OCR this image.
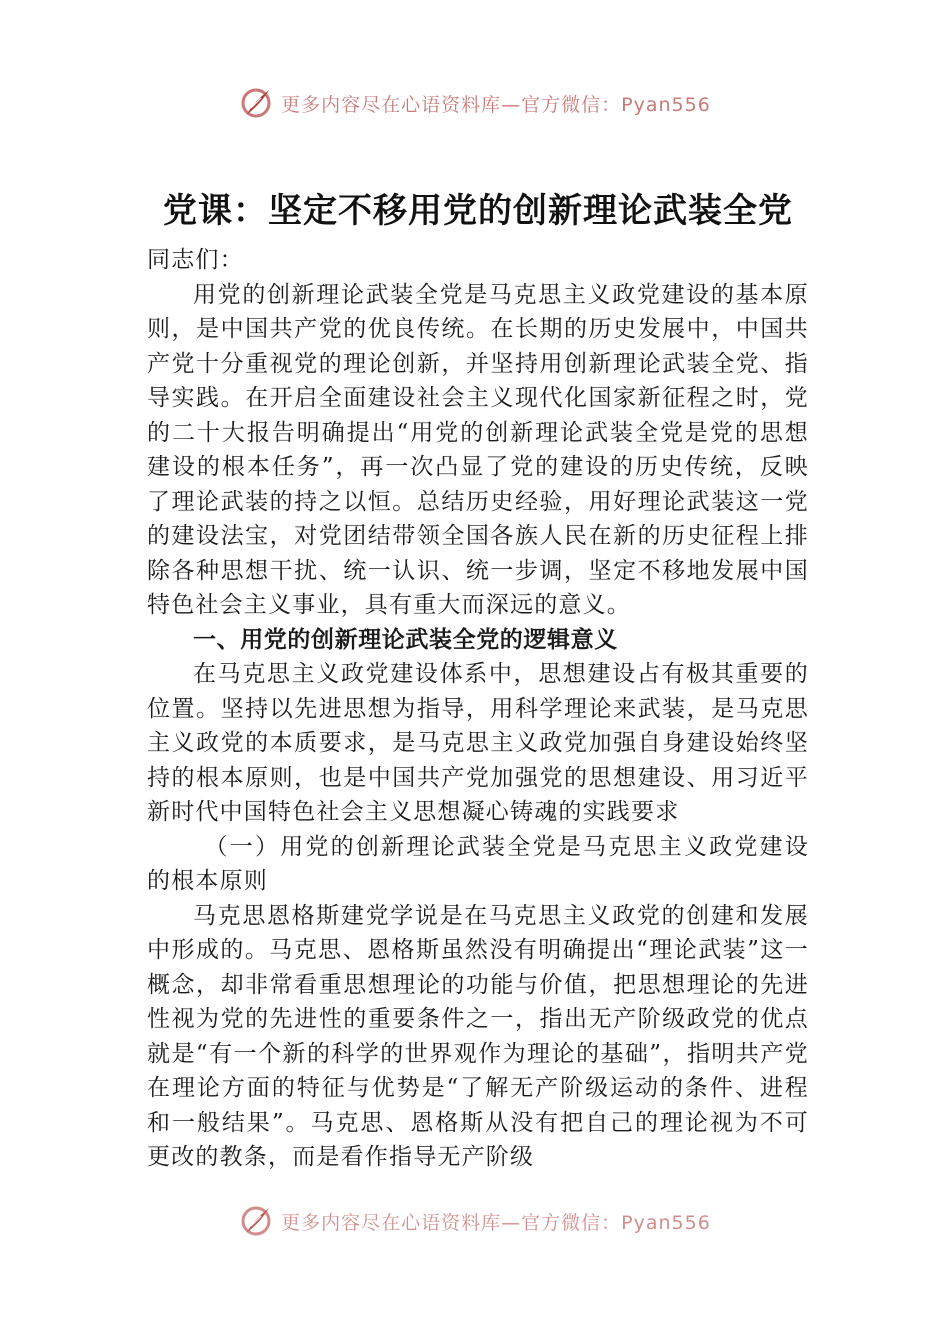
更多内容尽在心语资料库—官方微信：Pyan556
党课：坚定不移用党的创新理论武装全党

同志们：

用党的创新理论武装全党是马克思主义政党建设的基本原则，是中国共产党的优良传统。在长期的历史发展中，中国共产党十分重视党的理论创新，并坚持用创新理论武装全党、指导实践。在开启全面建设社会主义现代化国家新征程之时，党的二十大报告明确提出“用党的创新理论武装全党是党的思想建设的根本任务”，再一次凸显了党的建设的历史传统，反映了理论武装的持之以恒。总结历史经验，用好理论武装这一党的建设法宝，对党团结带领全国各族人民在新的历史征程上排除各种思想干扰、统一认识、统一步调，坚定不移地发展中国特色社会主义事业，具有重大而深远的意义。

一、用党的创新理论武装全党的逻辑意义

在马克思主义政党建设体系中，思想建设占有极其重要的位置。坚持以先进思想为指导，用科学理论来武装，是马克思主义政党的本质要求，是马克思主义政党加强自身建设始终坚持的根本原则，也是中国共产党加强党的思想建设、用习近平新时代中国特色社会主义思想凝心铸魂的实践要求

（一）用党的创新理论武装全党是马克思主义政党建设的根本原则

马克思恩格斯建党学说是在马克思主义政党的创建和发展中形成的。马克思、恩格斯虽然没有明确提出“理论武装”这一概念，却非常看重思想理论的功能与价值，把思想理论的先进性视为党的先进性的重要条件之一，指出无产阶级政党的优点就是“有一个新的科学的世界观作为理论的基础”，指明共产党在理论方面的特征与优势是“了解无产阶级运动的条件、进程和一般结果”。马克思、恩格斯从没有把自己的理论视为不可更改的教条，而是看作指导无产阶级

更多内容尽在心语资料库—官方微信：Pyan556
